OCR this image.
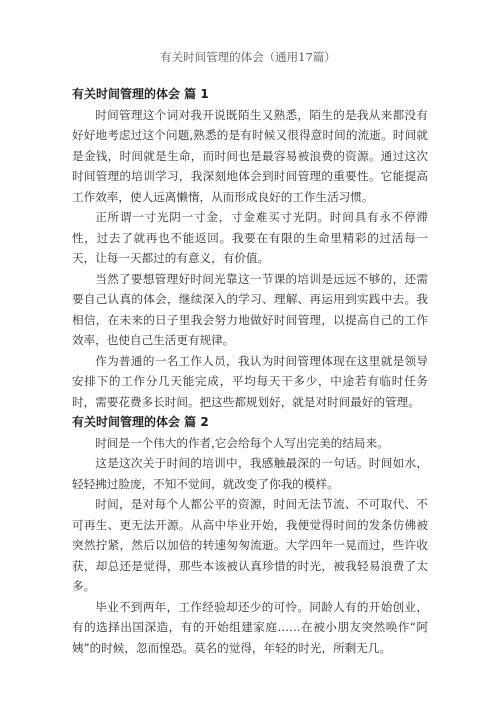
有关时间管理的体会（通用17篇）

有关时间管理的体会 篇 1

时间管理这个词对我开说既陌生又熟悉，陌生的是我从来都没有好好地考虑过这个问题,熟悉的是有时候又很得意时间的流逝。时间就是金钱，时间就是生命，而时间也是最容易被浪费的资源。通过这次时间管理的培训学习，我深刻地体会到时间管理的重要性。它能提高工作效率，使人远离懒惰，从而形成良好的工作生活习惯。

正所谓一寸光阴一寸金，寸金难买寸光阴。时间具有永不停滞性，过去了就再也不能返回。我要在有限的生命里精彩的过活每一天，让每一天都过的有意义，有价值。

当然了要想管理好时间光靠这一节课的培训是远远不够的，还需要自己认真的体会，继续深入的学习、理解、再运用到实践中去。我相信，在未来的日子里我会努力地做好时间管理，以提高自己的工作效率，也使自己生活更有规律。

作为普通的一名工作人员，我认为时间管理体现在这里就是领导安排下的工作分几天能完成，平均每天干多少，中途若有临时任务时，需要花费多长时间。把这些都规划好，就是对时间最好的管理。

有关时间管理的体会 篇 2

时间是一个伟大的作者,它会给每个人写出完美的结局来。

这是这次关于时间的培训中，我感触最深的一句话。时间如水，轻轻拂过脸庞，不知不觉间，就改变了你我的模样。

时间，是对每个人都公平的资源，时间无法节流、不可取代、不可再生、更无法开源。从高中毕业开始，我便觉得时间的发条仿佛被突然拧紧，然后以加倍的转速匆匆流逝。大学四年一晃而过，些许收获，却总还是觉得，那些本该被认真珍惜的时光，被我轻易浪费了太多。

毕业不到两年，工作经验却还少的可怜。同龄人有的开始创业，有的选择出国深造，有的开始组建家庭……在被小朋友突然唤作“阿姨”的时候，忽而惶恐。莫名的觉得，年轻的时光，所剩无几。
